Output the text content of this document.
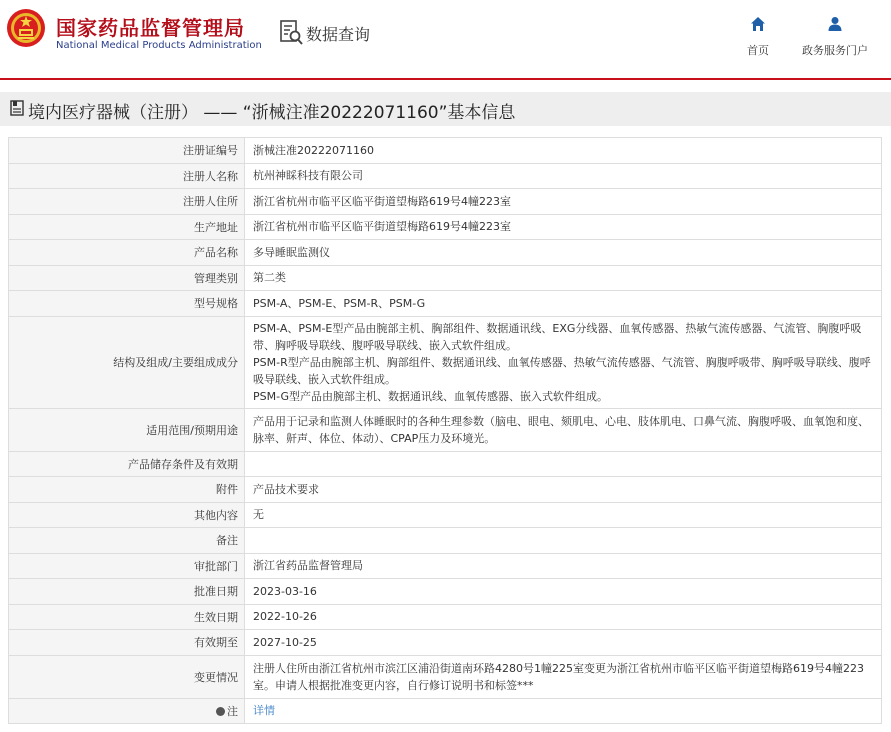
国家药品监督管理局
National Medical Products Administration
数据查询
首页	政务服务门户
境内医疗器械（注册） —— “浙械注准20222071160”基本信息
注册证编号	浙械注准20222071160
注册人名称	杭州神睬科技有限公司
注册人住所	浙江省杭州市临平区临平街道望梅路619号4幢223室
生产地址	浙江省杭州市临平区临平街道望梅路619号4幢223室
产品名称	多导睡眠监测仪
管理类别	第二类
型号规格	PSM-A、PSM-E、PSM-R、PSM-G
结构及组成/主要组成成分	PSM-A、PSM-E型产品由腕部主机、胸部组件、数据通讯线、EXG分线器、血氧传感器、热敏气流传感器、气流管、胸腹呼吸带、胸呼吸导联线、腹呼吸导联线、嵌入式软件组成。
PSM-R型产品由腕部主机、胸部组件、数据通讯线、血氧传感器、热敏气流传感器、气流管、胸腹呼吸带、胸呼吸导联线、腹呼吸导联线、嵌入式软件组成。
PSM-G型产品由腕部主机、数据通讯线、血氧传感器、嵌入式软件组成。
适用范围/预期用途	产品用于记录和监测人体睡眠时的各种生理参数（脑电、眼电、颏肌电、心电、肢体肌电、口鼻气流、胸腹呼吸、血氧饱和度、脉率、鼾声、体位、体动）、CPAP压力及环境光。
产品储存条件及有效期	
附件	产品技术要求
其他内容	无
备注	
审批部门	浙江省药品监督管理局
批准日期	2023-03-16
生效日期	2022-10-26
有效期至	2027-10-25
变更情况	注册人住所由浙江省杭州市滨江区浦沿街道南环路4280号1幢225室变更为浙江省杭州市临平区临平街道望梅路619号4幢223室。申请人根据批准变更内容，自行修订说明书和标签***
注	详情
